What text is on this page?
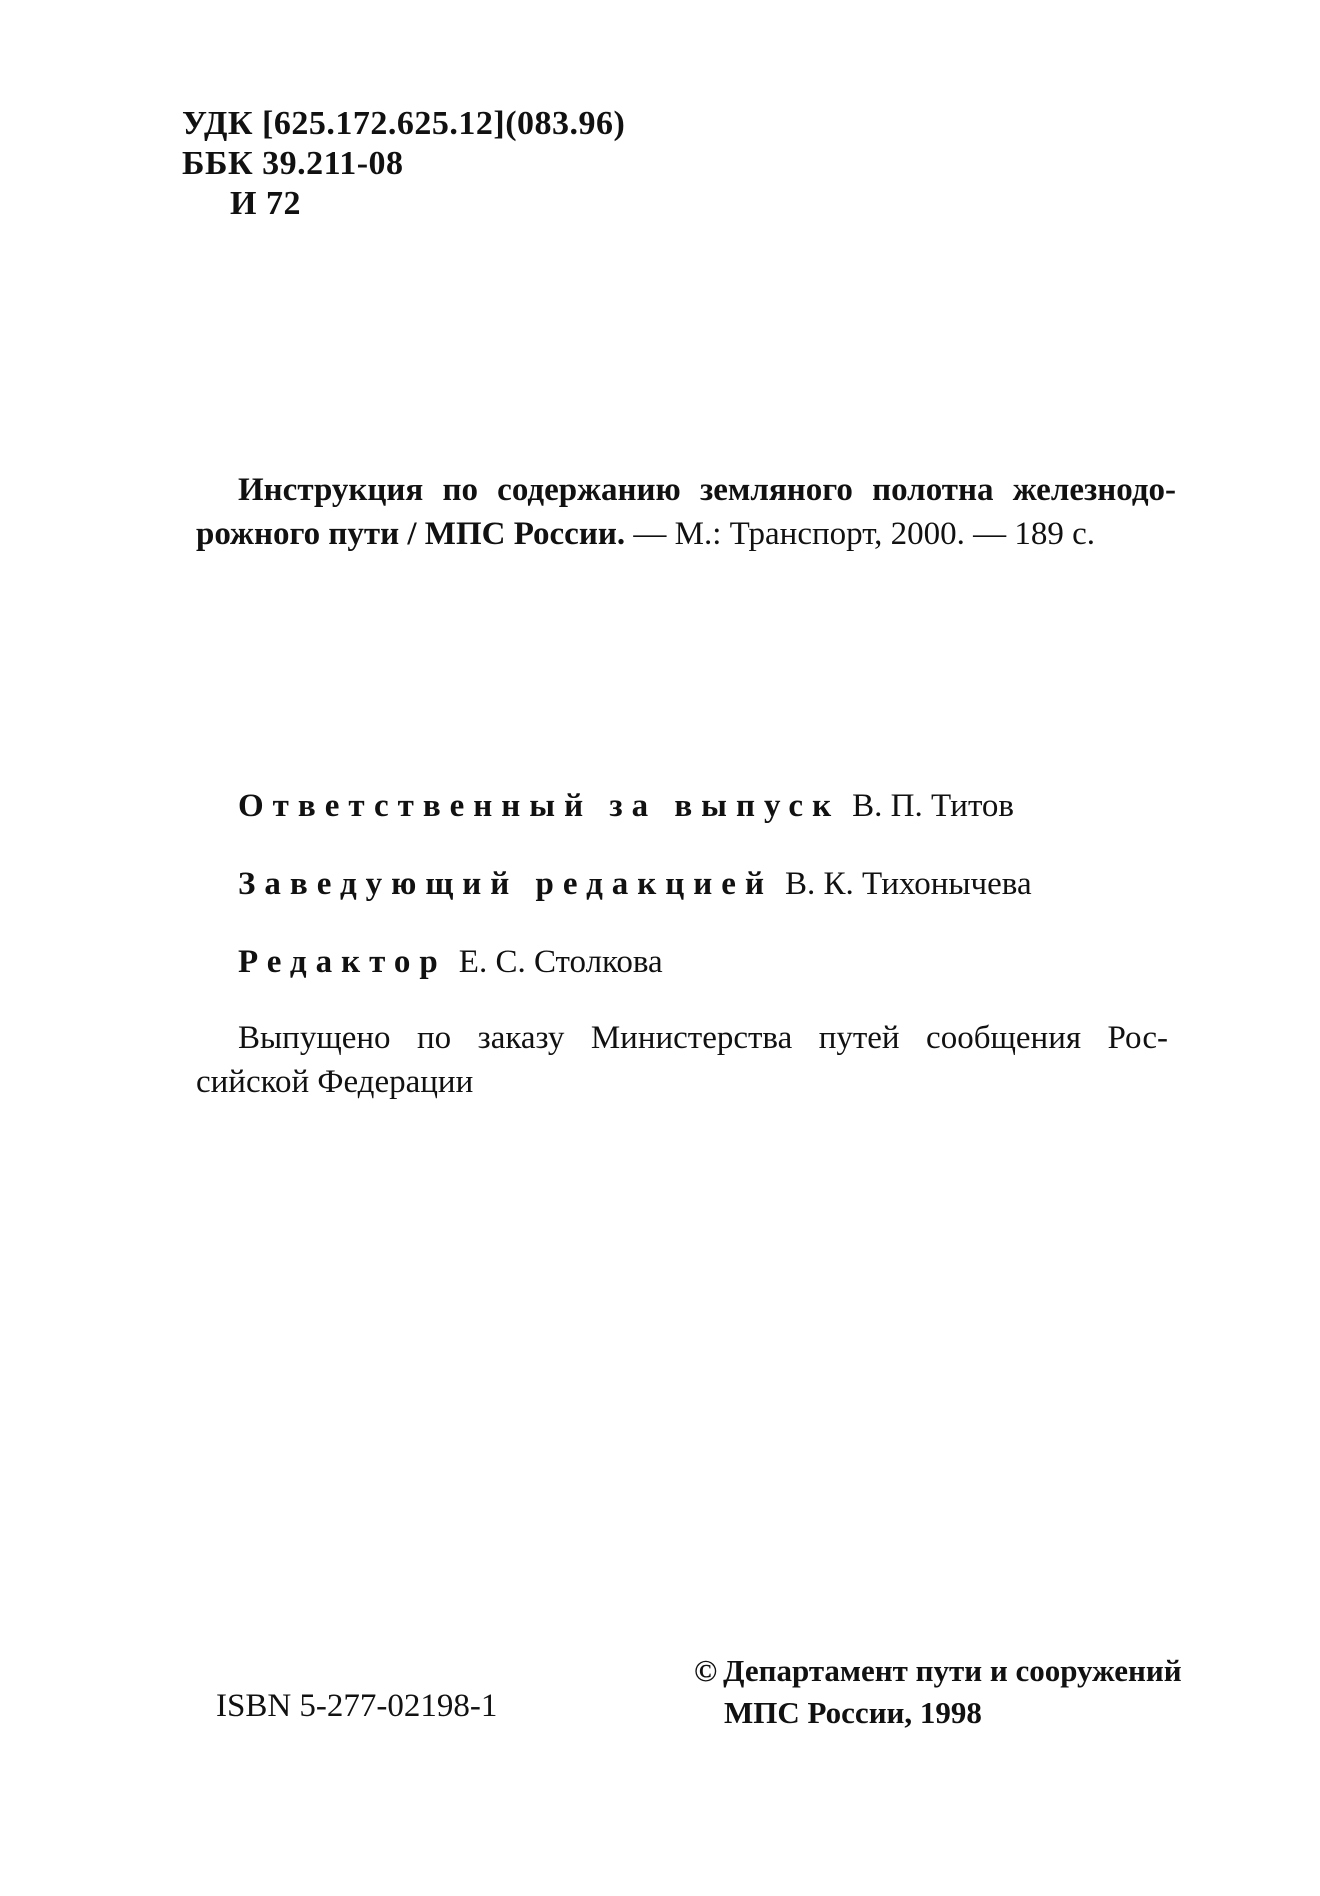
УДК [625.172.625.12](083.96)
ББК 39.211-08
И 72
Инструкция по содержанию земляного полотна железнодо-
рожного пути / МПС России. — М.: Транспорт, 2000. — 189 с.
Ответственный за выпуск В. П. Титов
Заведующий редакцией В. К. Тихонычева
Редактор Е. С. Столкова
Выпущено по заказу Министерства путей сообщения Рос-
сийской Федерации
ISBN 5-277-02198-1
© Департамент пути и сооружений
МПС России, 1998
